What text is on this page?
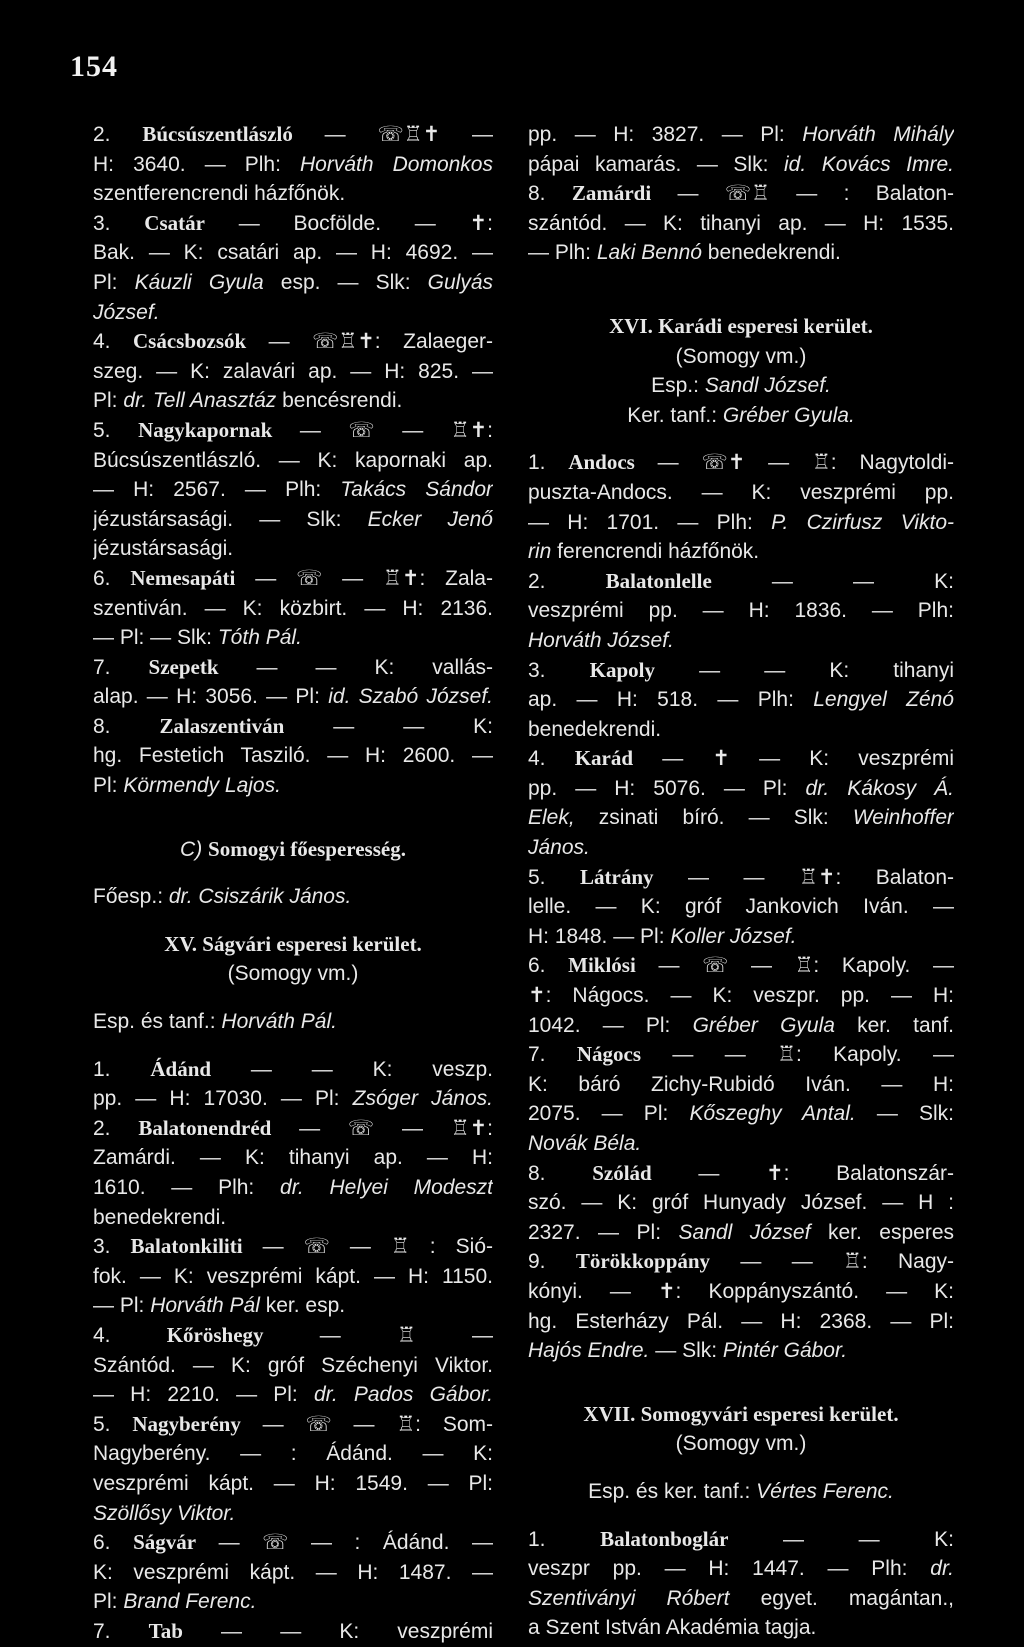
154
2. Búcsúszentlászló — ☏♖✝ —
H: 3640. — Plh: Horváth Domonkos
szentferencrendi házfőnök.
3. Csatár — Bocfölde. — ✝:
Bak. — K: csatári ap. — H: 4692. —
Pl: Káuzli Gyula esp. — Slk: Gulyás
József.
4. Csácsbozsók — ☏♖✝: Zalaeger-
szeg. — K: zalavári ap. — H: 825. —
Pl: dr. Tell Anasztáz bencésrendi.
5. Nagykapornak — ☏ — ♖✝:
Búcsúszentlászló. — K: kapornaki ap.
— H: 2567. — Plh: Takács Sándor
jézustársasági. — Slk: Ecker Jenő
jézustársasági.
6. Nemesapáti — ☏ — ♖✝: Zala-
szentiván. — K: közbirt. — H: 2136.
— Pl: — Slk: Tóth Pál.
7. Szepetk — — K: vallás-
alap. — H: 3056. — Pl: id. Szabó József.
8. Zalaszentiván — — K:
hg. Festetich Tasziló. — H: 2600. —
Pl: Körmendy Lajos.
C) Somogyi főesperesség.
Főesp.: dr. Csiszárik János.
XV. Ságvári esperesi kerület.
(Somogy vm.)
Esp. és tanf.: Horváth Pál.
1. Ádánd — — K: veszp.
pp. — H: 17030. — Pl: Zsóger János.
2. Balatonendréd — ☏ — ♖✝:
Zamárdi. — K: tihanyi ap. — H:
1610. — Plh: dr. Helyei Modeszt
benedekrendi.
3. Balatonkiliti — ☏ — ♖ : Sió-
fok. — K: veszprémi kápt. — H: 1150.
— Pl: Horváth Pál ker. esp.
4. Kőröshegy — ♖ —
Szántód. — K: gróf Széchenyi Viktor.
— H: 2210. — Pl: dr. Pados Gábor.
5. Nagyberény — ☏ — ♖: Som-
Nagyberény. — : Ádánd. — K:
veszprémi kápt. — H: 1549. — Pl:
Szöllősy Viktor.
6. Ságvár — ☏ — : Ádánd. —
K: veszprémi kápt. — H: 1487. —
Pl: Brand Ferenc.
7. Tab — — K: veszprémi
pp. — H: 3827. — Pl: Horváth Mihály
pápai kamarás. — Slk: id. Kovács Imre.
8. Zamárdi — ☏♖ — : Balaton-
szántód. — K: tihanyi ap. — H: 1535.
— Plh: Laki Bennó benedekrendi.
XVI. Karádi esperesi kerület.
(Somogy vm.)
Esp.: Sandl József.
Ker. tanf.: Gréber Gyula.
1. Andocs — ☏✝ — ♖: Nagytoldi-
puszta-Andocs. — K: veszprémi pp.
— H: 1701. — Plh: P. Czirfusz Vikto-
rin ferencrendi házfőnök.
2. Balatonlelle — — K:
veszprémi pp. — H: 1836. — Plh:
Horváth József.
3. Kapoly — — K: tihanyi
ap. — H: 518. — Plh: Lengyel Zénó
benedekrendi.
4. Karád — ✝ — K: veszprémi
pp. — H: 5076. — Pl: dr. Kákosy Á.
Elek, zsinati bíró. — Slk: Weinhoffer
János.
5. Látrány — — ♖✝: Balaton-
lelle. — K: gróf Jankovich Iván. —
H: 1848. — Pl: Koller József.
6. Miklósi — ☏ — ♖: Kapoly. —
✝: Nágocs. — K: veszpr. pp. — H:
1042. — Pl: Gréber Gyula ker. tanf.
7. Nágocs — — ♖: Kapoly. —
K: báró Zichy-Rubidó Iván. — H:
2075. — Pl: Kőszeghy Antal. — Slk:
Novák Béla.
8. Szólád — ✝: Balatonszár-
szó. — K: gróf Hunyady József. — H :
2327. — Pl: Sandl József ker. esperes
9. Törökkoppány — — ♖: Nagy-
kónyi. — ✝: Koppányszántó. — K:
hg. Esterházy Pál. — H: 2368. — Pl:
Hajós Endre. — Slk: Pintér Gábor.
XVII. Somogyvári esperesi kerület.
(Somogy vm.)
Esp. és ker. tanf.: Vértes Ferenc.
1. Balatonboglár — — K:
veszpr pp. — H: 1447. — Plh: dr.
Szentiványi Róbert egyet. magántan.,
a Szent István Akadémia tagja.
